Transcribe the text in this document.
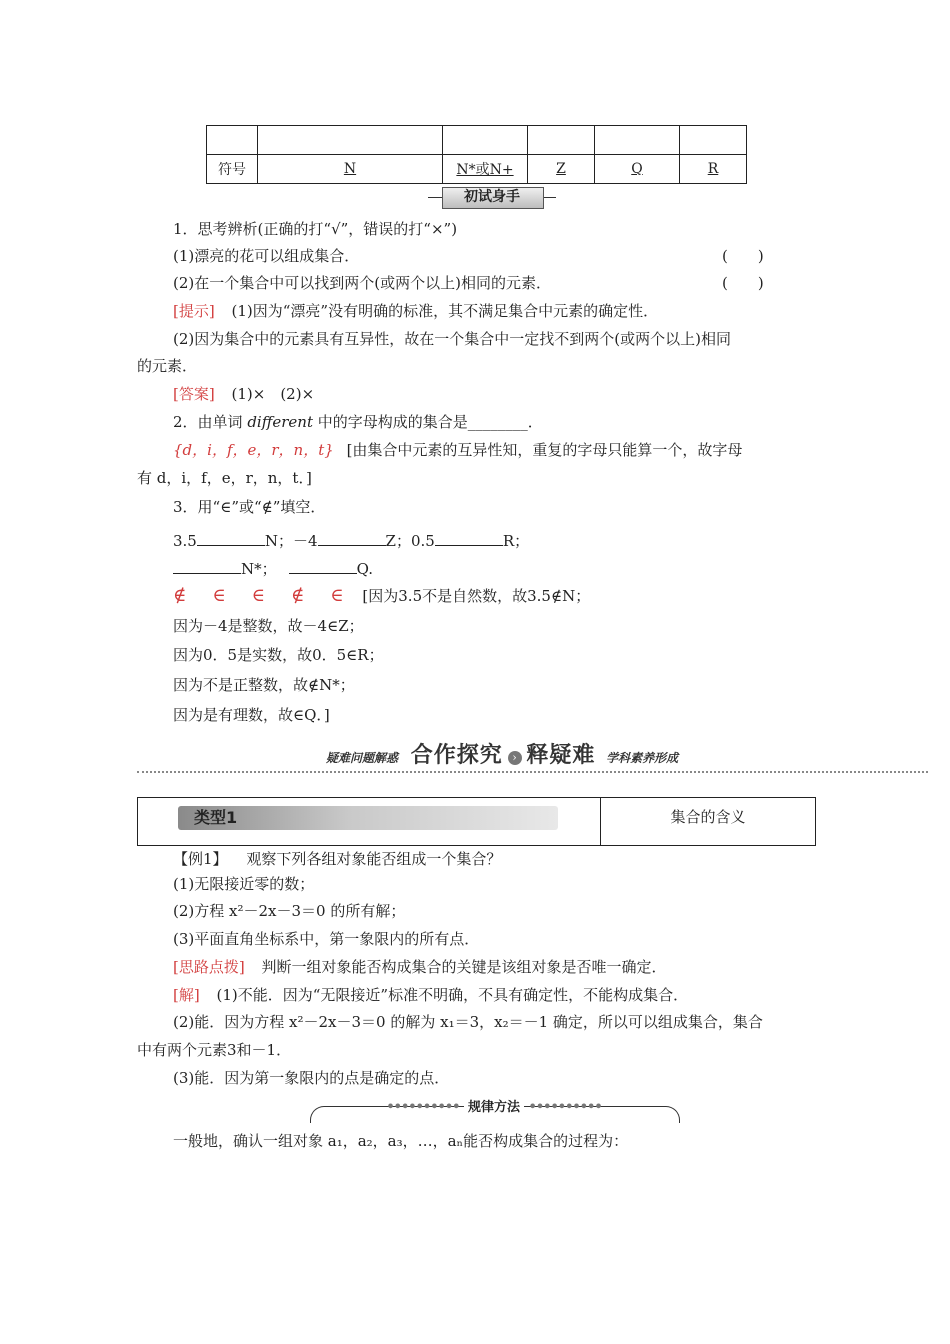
符号	N	N*或N+	Z	Q	R
初试身手
1．思考辨析(正确的打“√”，错误的打“×”)
(1)漂亮的花可以组成集合．	(　　)
(2)在一个集合中可以找到两个(或两个以上)相同的元素．	(　　)
[提示] (1)因为“漂亮”没有明确的标准，其不满足集合中元素的确定性．
(2)因为集合中的元素具有互异性，故在一个集合中一定找不到两个(或两个以上)相同
的元素．
[答案] (1)×　(2)×
2．由单词 different 中的字母构成的集合是________．
{d，i，f，e，r，n，t} [由集合中元素的互异性知，重复的字母只能算一个，故字母
有 d，i，f，e，r，n，t．]
3．用“∈”或“∉”填空．
3.5	N；－4	Z；0.5	R；
N*；	Q.
∉　∈　∈　∉　∈ [因为3.5不是自然数，故3.5∉N；
因为－4是整数，故－4∈Z；
因为0．5是实数，故0．5∈R；
因为不是正整数，故∉N*；
因为是有理数，故∈Q．]
疑难问题解惑 合作探究 › 释疑难 学科素养形成
类型1	集合的含义
【例1】 观察下列各组对象能否组成一个集合？
(1)无限接近零的数；
(2)方程 x²－2x－3＝0 的所有解；
(3)平面直角坐标系中，第一象限内的所有点．
[思路点拨] 判断一组对象能否构成集合的关键是该组对象是否唯一确定．
[解] (1)不能．因为“无限接近”标准不明确，不具有确定性，不能构成集合．
(2)能．因为方程 x²－2x－3＝0 的解为 x₁＝3，x₂＝－1 确定，所以可以组成集合，集合
中有两个元素3和－1．
(3)能．因为第一象限内的点是确定的点．
•••••••••• 规律方法 ••••••••••
一般地，确认一组对象 a₁，a₂，a₃，…，aₙ能否构成集合的过程为：
